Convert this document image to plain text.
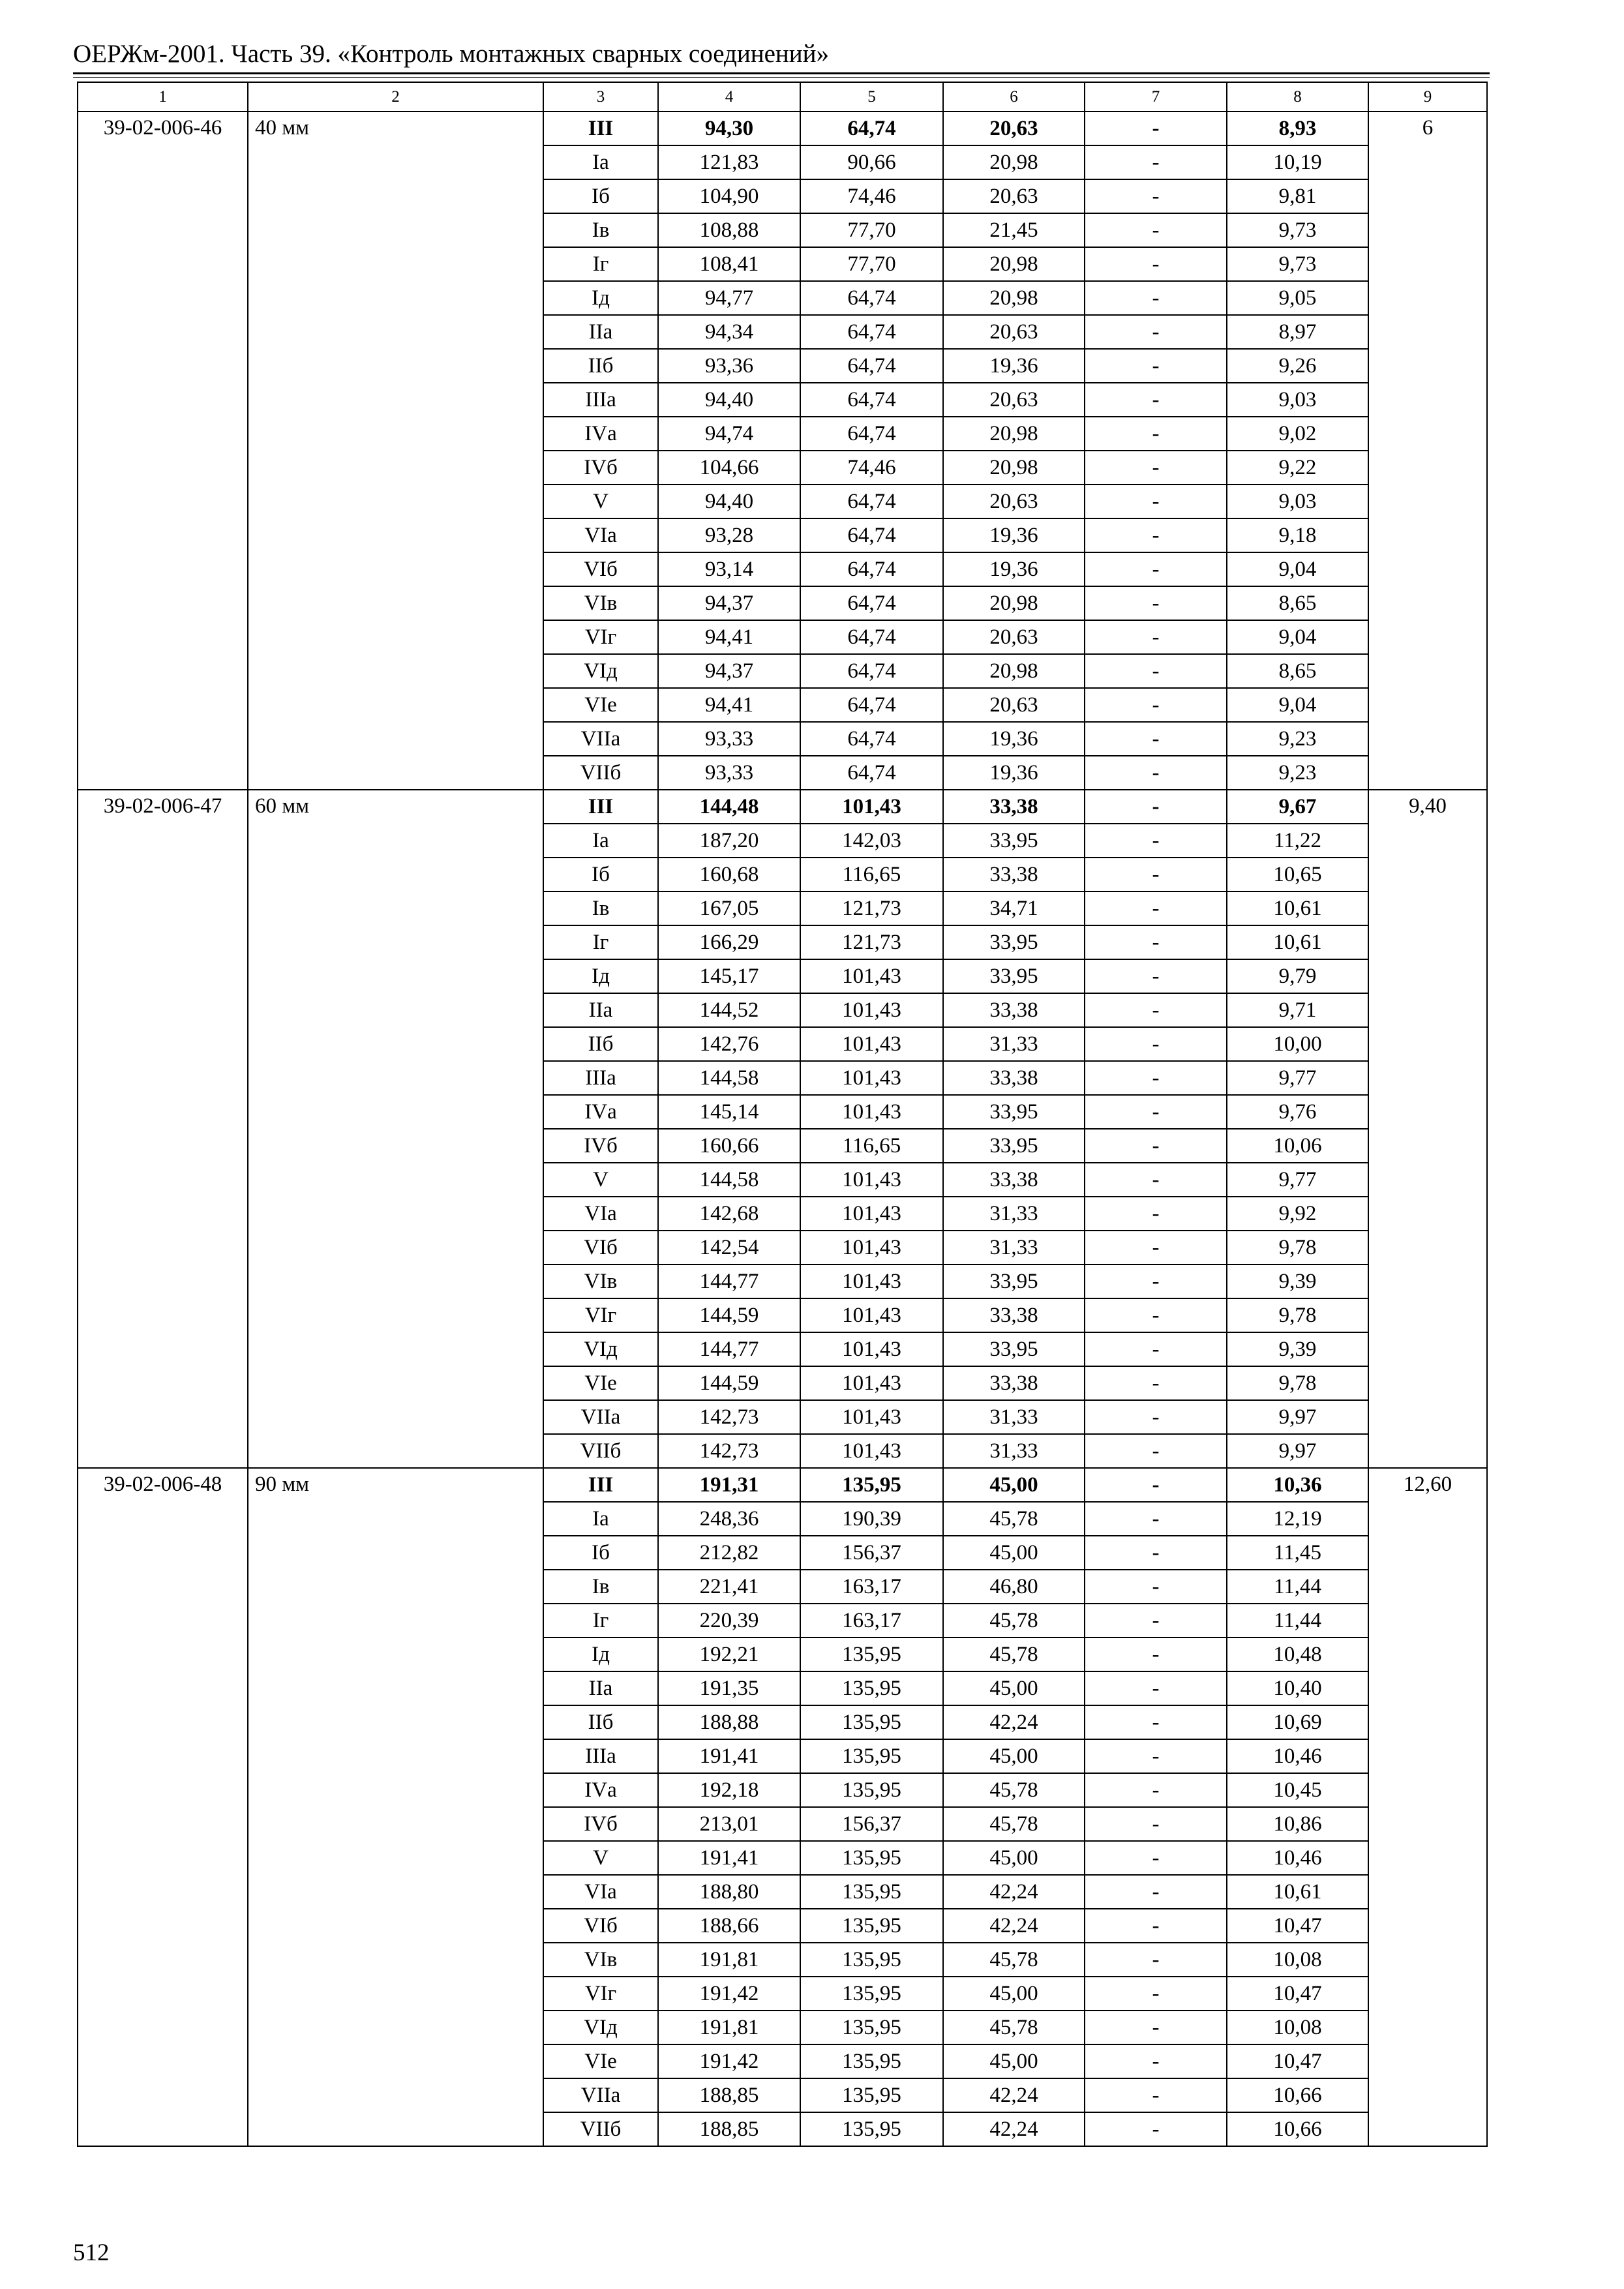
ОЕРЖм-2001. Часть 39. «Контроль монтажных сварных соединений»
1	2	3	4	5	6	7	8	9
39-02-006-46	40 мм	III	94,30	64,74	20,63	-	8,93	6
		Iа	121,83	90,66	20,98	-	10,19	
		Iб	104,90	74,46	20,63	-	9,81	
		Iв	108,88	77,70	21,45	-	9,73	
		Iг	108,41	77,70	20,98	-	9,73	
		Iд	94,77	64,74	20,98	-	9,05	
		IIа	94,34	64,74	20,63	-	8,97	
		IIб	93,36	64,74	19,36	-	9,26	
		IIIа	94,40	64,74	20,63	-	9,03	
		IVа	94,74	64,74	20,98	-	9,02	
		IVб	104,66	74,46	20,98	-	9,22	
		V	94,40	64,74	20,63	-	9,03	
		VIа	93,28	64,74	19,36	-	9,18	
		VIб	93,14	64,74	19,36	-	9,04	
		VIв	94,37	64,74	20,98	-	8,65	
		VIг	94,41	64,74	20,63	-	9,04	
		VIд	94,37	64,74	20,98	-	8,65	
		VIе	94,41	64,74	20,63	-	9,04	
		VIIа	93,33	64,74	19,36	-	9,23	
		VIIб	93,33	64,74	19,36	-	9,23	
39-02-006-47	60 мм	III	144,48	101,43	33,38	-	9,67	9,40
		Iа	187,20	142,03	33,95	-	11,22	
		Iб	160,68	116,65	33,38	-	10,65	
		Iв	167,05	121,73	34,71	-	10,61	
		Iг	166,29	121,73	33,95	-	10,61	
		Iд	145,17	101,43	33,95	-	9,79	
		IIа	144,52	101,43	33,38	-	9,71	
		IIб	142,76	101,43	31,33	-	10,00	
		IIIа	144,58	101,43	33,38	-	9,77	
		IVа	145,14	101,43	33,95	-	9,76	
		IVб	160,66	116,65	33,95	-	10,06	
		V	144,58	101,43	33,38	-	9,77	
		VIа	142,68	101,43	31,33	-	9,92	
		VIб	142,54	101,43	31,33	-	9,78	
		VIв	144,77	101,43	33,95	-	9,39	
		VIг	144,59	101,43	33,38	-	9,78	
		VIд	144,77	101,43	33,95	-	9,39	
		VIе	144,59	101,43	33,38	-	9,78	
		VIIа	142,73	101,43	31,33	-	9,97	
		VIIб	142,73	101,43	31,33	-	9,97	
39-02-006-48	90 мм	III	191,31	135,95	45,00	-	10,36	12,60
		Iа	248,36	190,39	45,78	-	12,19	
		Iб	212,82	156,37	45,00	-	11,45	
		Iв	221,41	163,17	46,80	-	11,44	
		Iг	220,39	163,17	45,78	-	11,44	
		Iд	192,21	135,95	45,78	-	10,48	
		IIа	191,35	135,95	45,00	-	10,40	
		IIб	188,88	135,95	42,24	-	10,69	
		IIIа	191,41	135,95	45,00	-	10,46	
		IVа	192,18	135,95	45,78	-	10,45	
		IVб	213,01	156,37	45,78	-	10,86	
		V	191,41	135,95	45,00	-	10,46	
		VIа	188,80	135,95	42,24	-	10,61	
		VIб	188,66	135,95	42,24	-	10,47	
		VIв	191,81	135,95	45,78	-	10,08	
		VIг	191,42	135,95	45,00	-	10,47	
		VIд	191,81	135,95	45,78	-	10,08	
		VIе	191,42	135,95	45,00	-	10,47	
		VIIа	188,85	135,95	42,24	-	10,66	
		VIIб	188,85	135,95	42,24	-	10,66	
512
